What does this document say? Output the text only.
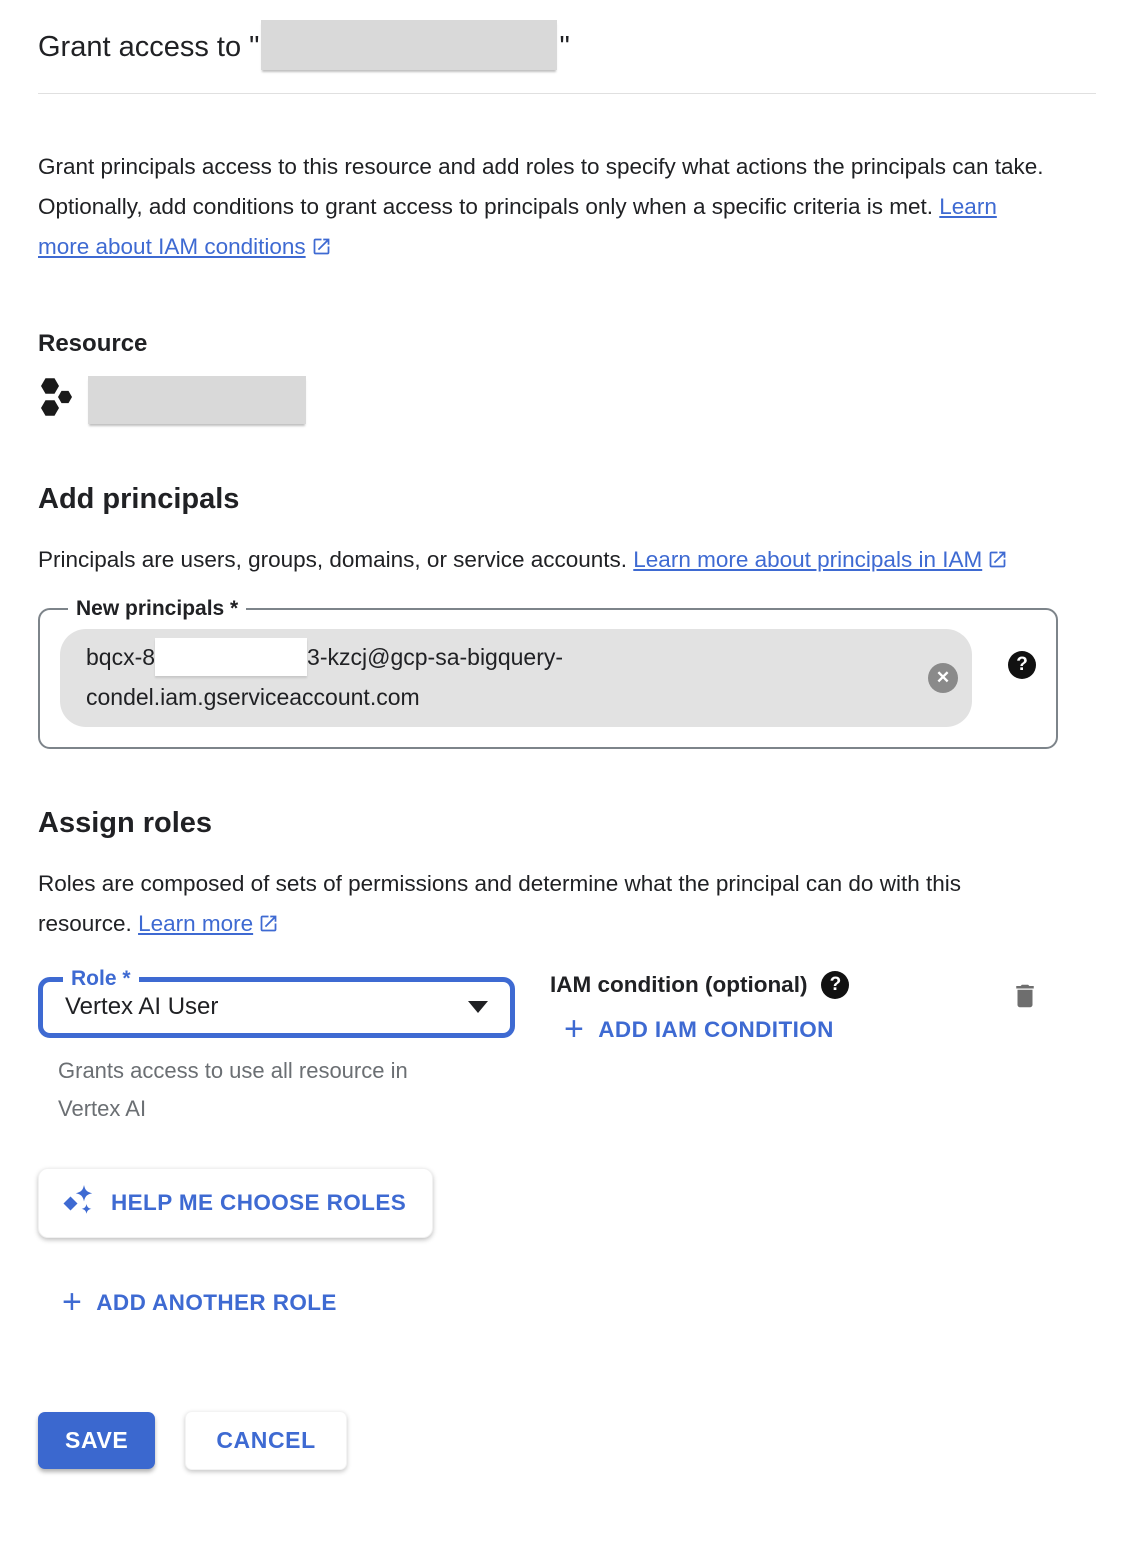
Grant access to "	"

Grant principals access to this resource and add roles to specify what actions the principals can take. Optionally, add conditions to grant access to principals only when a specific criteria is met. Learn more about IAM conditions

Resource
Add principals

Principals are users, groups, domains, or service accounts. Learn more about principals in IAM

New principals *
bqcx-8	3-kzcj@gcp-sa-bigquery-
condel.iam.gserviceaccount.com
✕
?
Assign roles

Roles are composed of sets of permissions and determine what the principal can do with this resource. Learn more

Role *
Vertex AI User
Grants access to use all resource in Vertex AI
IAM condition (optional)	?
+ ADD IAM CONDITION
HELP ME CHOOSE ROLES
+ ADD ANOTHER ROLE
SAVE	CANCEL
